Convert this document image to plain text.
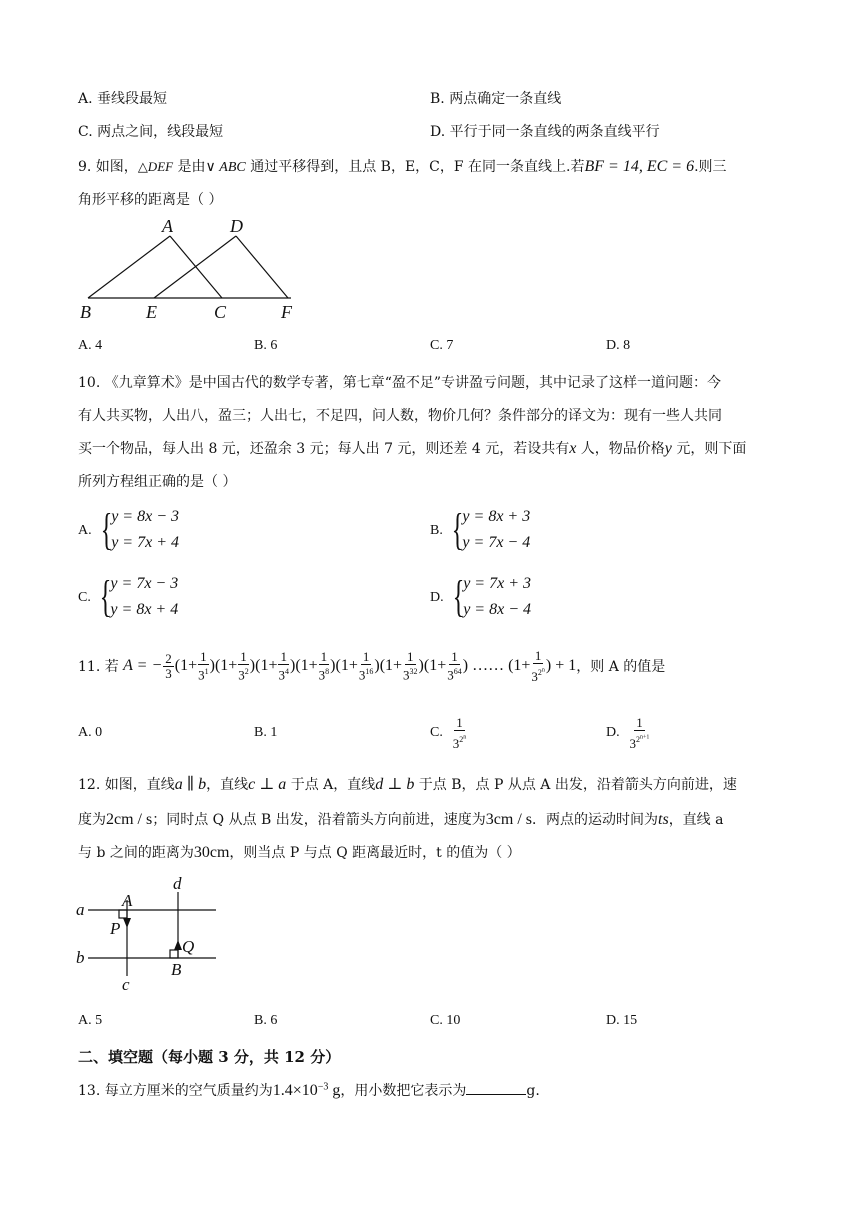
A. 垂线段最短	B. 两点确定一条直线
C. 两点之间，线段最短	D. 平行于同一条直线的两条直线平行
9. 如图，△DEF 是由∨ ABC 通过平移得到，且点 B，E，C，F 在同一条直线上.若BF = 14, EC = 6.则三
角形平移的距离是（ ）
A	D
B	E	C	F
A. 4	B. 6	C. 7	D. 8
10. 《九章算术》是中国古代的数学专著，第七章“盈不足”专讲盈亏问题，其中记录了这样一道问题：今
有人共买物，人出八，盈三；人出七，不足四，问人数，物价几何？条件部分的译文为：现有一些人共同
买一个物品，每人出 8 元，还盈余 3 元；每人出 7 元，则还差 4 元，若设共有x 人，物品价格y 元，则下面
所列方程组正确的是（ ）
A. {
y = 8x − 3
y = 7x + 4
B. {
y = 8x + 3
y = 7x − 4
C. {
y = 7x − 3
y = 8x + 4
D. {
y = 7x + 3
y = 8x − 4
11. 若
A = − $\frac{2}{3} (1+ \frac{1}{3^1} )(1+ \frac{1}{3^2} )(1+ \frac{1}{3^4} )(1+ \frac{1}{3^8} )(1+ \frac{1}{3^{16}} )(1+ \frac{1}{3^{32}} )(1+ \frac{1}{3^{64}}$ ) …… ($1+ \frac{1}{3^{2^n}}$ ) + 1 ，则 A 的值是
A. 0	B. 1	C.
$\frac{1}{3^{2^n}}$	D.
$\frac{1}{3^{2^{n+1}}}$
12. 如图，直线a ∥ b，直线c ⊥ a 于点 A，直线d ⊥ b 于点 B，点 P 从点 A 出发，沿着箭头方向前进，速
度为2cm / s；同时点 Q 从点 B 出发，沿着箭头方向前进，速度为3cm / s．两点的运动时间为ts，直线 a
与 b 之间的距离为30cm，则当点 P 与点 Q 距离最近时，t 的值为（ ）
a
b
c
d
A
P
Q
B
A. 5	B. 6	C. 10	D. 15
二、填空题（每小题 3 分，共 12 分）
13. 每立方厘米的空气质量约为$1.4\times 10^{-3}$ g，用小数把它表示为	g.
